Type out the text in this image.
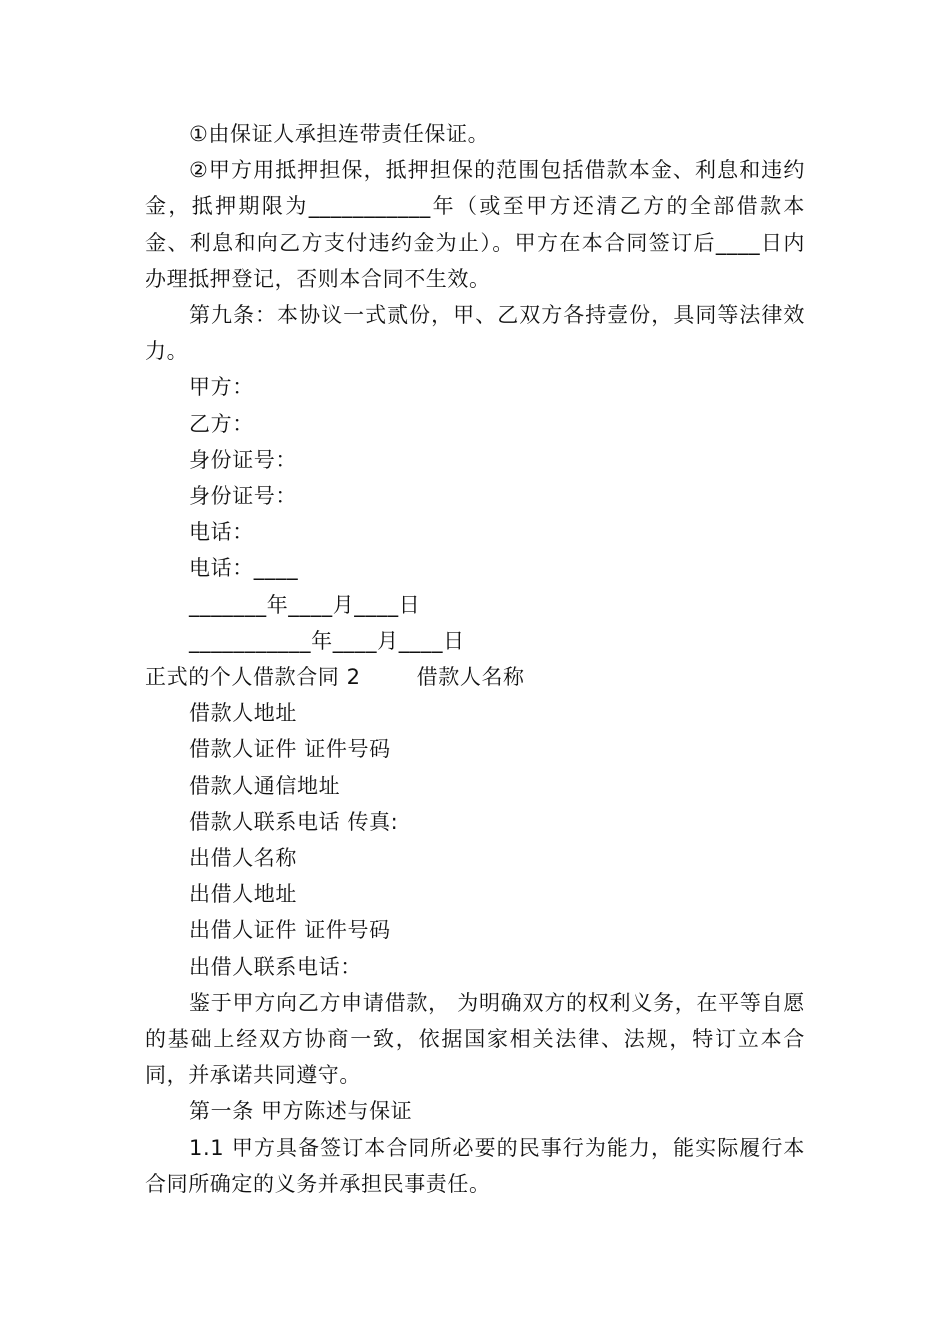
①由保证人承担连带责任保证。

②甲方用抵押担保，抵押担保的范围包括借款本金、利息和违约金，抵押期限为___________年（或至甲方还清乙方的全部借款本金、利息和向乙方支付违约金为止）。甲方在本合同签订后____日内办理抵押登记，否则本合同不生效。

第九条：本协议一式贰份，甲、乙双方各持壹份，具同等法律效力。

甲方：

乙方：

身份证号：

身份证号：

电话：

电话：____

_______年____月____日

___________年____月____日

正式的个人借款合同 2	借款人名称

借款人地址

借款人证件 证件号码

借款人通信地址

借款人联系电话 传真:

出借人名称

出借人地址

出借人证件 证件号码

出借人联系电话：

鉴于甲方向乙方申请借款， 为明确双方的权利义务，在平等自愿的基础上经双方协商一致，依据国家相关法律、法规，特订立本合同，并承诺共同遵守。

第一条 甲方陈述与保证

1.1 甲方具备签订本合同所必要的民事行为能力，能实际履行本合同所确定的义务并承担民事责任。
